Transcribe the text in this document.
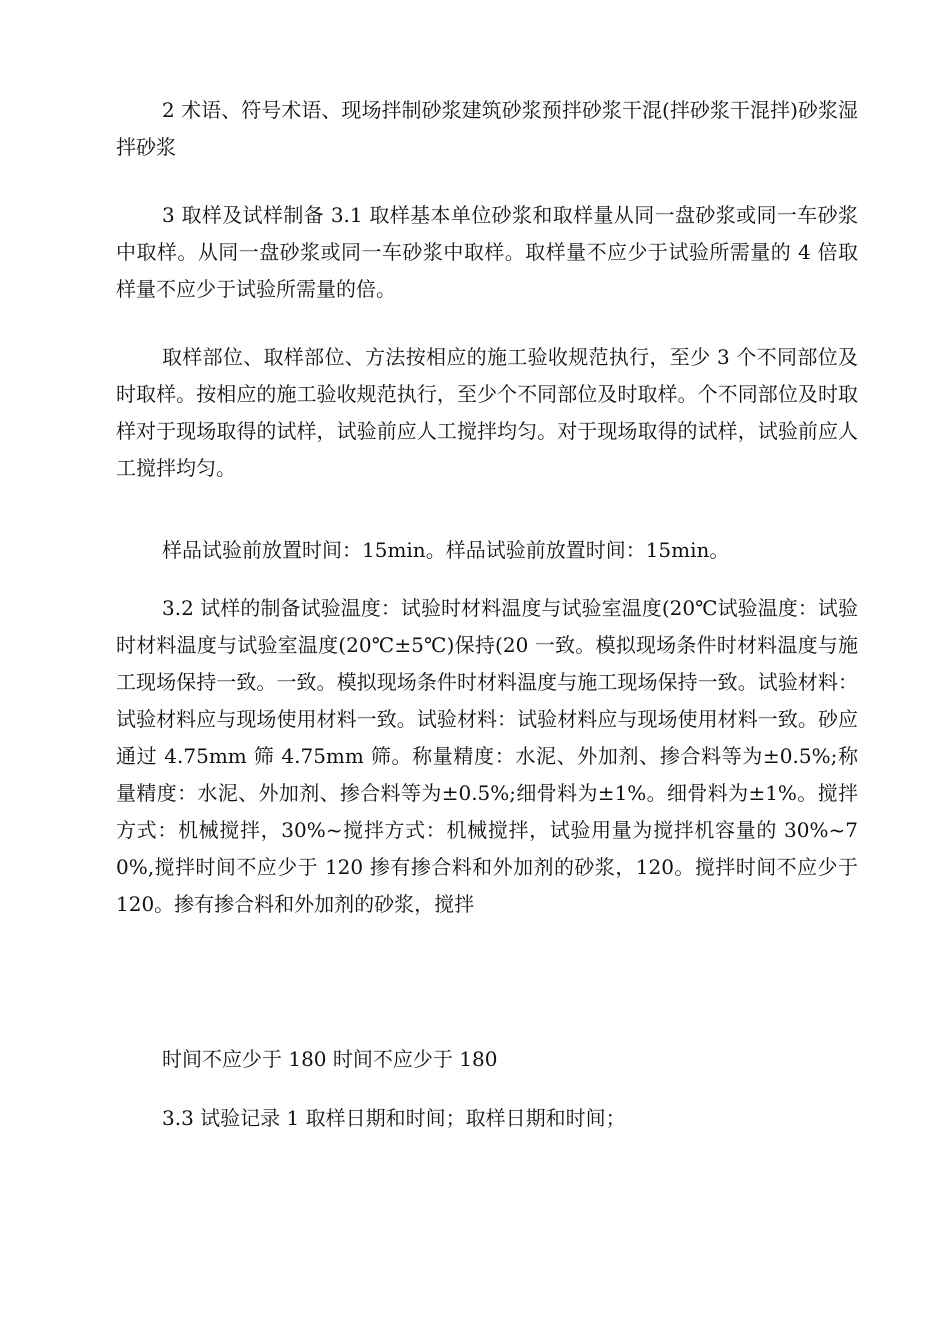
2 术语、符号术语、现场拌制砂浆建筑砂浆预拌砂浆干混(拌砂浆干混拌)砂浆湿拌砂浆

3 取样及试样制备 3.1 取样基本单位砂浆和取样量从同一盘砂浆或同一车砂浆中取样。从同一盘砂浆或同一车砂浆中取样。取样量不应少于试验所需量的 4 倍取样量不应少于试验所需量的倍。

取样部位、取样部位、方法按相应的施工验收规范执行，至少 3 个不同部位及时取样。按相应的施工验收规范执行，至少个不同部位及时取样。个不同部位及时取样对于现场取得的试样，试验前应人工搅拌均匀。对于现场取得的试样，试验前应人工搅拌均匀。

样品试验前放置时间：15min。样品试验前放置时间：15min。

3.2 试样的制备试验温度：试验时材料温度与试验室温度(20℃试验温度：试验时材料温度与试验室温度(20℃±5℃)保持(20 一致。模拟现场条件时材料温度与施工现场保持一致。一致。模拟现场条件时材料温度与施工现场保持一致。试验材料：试验材料应与现场使用材料一致。试验材料：试验材料应与现场使用材料一致。砂应通过 4.75mm 筛 4.75mm 筛。称量精度：水泥、外加剂、掺合料等为±0.5%;称量精度：水泥、外加剂、掺合料等为±0.5%;细骨料为±1%。细骨料为±1%。搅拌方式：机械搅拌，30%~搅拌方式：机械搅拌，试验用量为搅拌机容量的 30%~70%,搅拌时间不应少于 120 掺有掺合料和外加剂的砂浆，120。搅拌时间不应少于 120。掺有掺合料和外加剂的砂浆，搅拌

时间不应少于 180 时间不应少于 180

3.3 试验记录 1 取样日期和时间；取样日期和时间；
